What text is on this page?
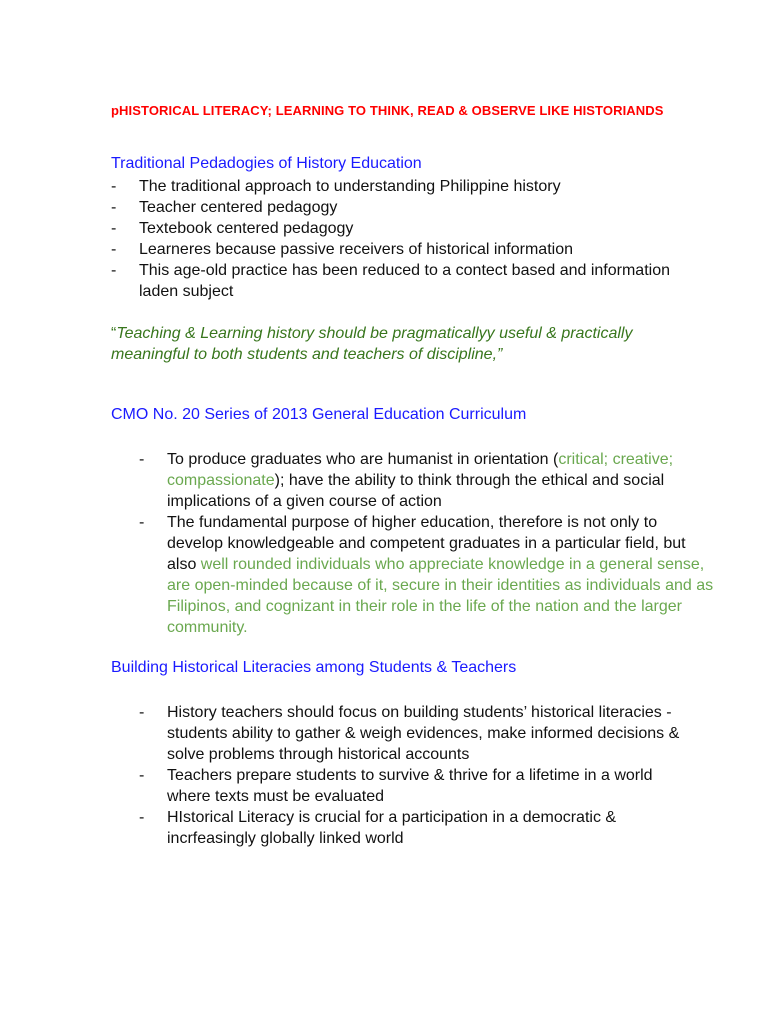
pHISTORICAL LITERACY; LEARNING TO THINK, READ & OBSERVE LIKE HISTORIANDS
Traditional Pedadogies of History Education
- The traditional approach to understanding Philippine history
- Teacher centered pedagogy
- Textebook centered pedagogy
- Learneres because passive receivers of historical information
- This age-old practice has been reduced to a contect based and information laden subject
“Teaching & Learning history should be pragmaticallyy useful & practically meaningful to both students and teachers of discipline,”
CMO No. 20 Series of 2013 General Education Curriculum
- To produce graduates who are humanist in orientation (critical; creative; compassionate); have the ability to think through the ethical and social implications of a given course of action
- The fundamental purpose of higher education, therefore is not only to develop knowledgeable and competent graduates in a particular field, but also well rounded individuals who appreciate knowledge in a general sense, are open-minded because of it, secure in their identities as individuals and as Filipinos, and cognizant in their role in the life of the nation and the larger community.
Building Historical Literacies among Students & Teachers
- History teachers should focus on building students’ historical literacies - students ability to gather & weigh evidences, make informed decisions & solve problems through historical accounts
- Teachers prepare students to survive & thrive for a lifetime in a world where texts must be evaluated
- HIstorical Literacy is crucial for a participation in a democratic & incrfeasingly globally linked world
